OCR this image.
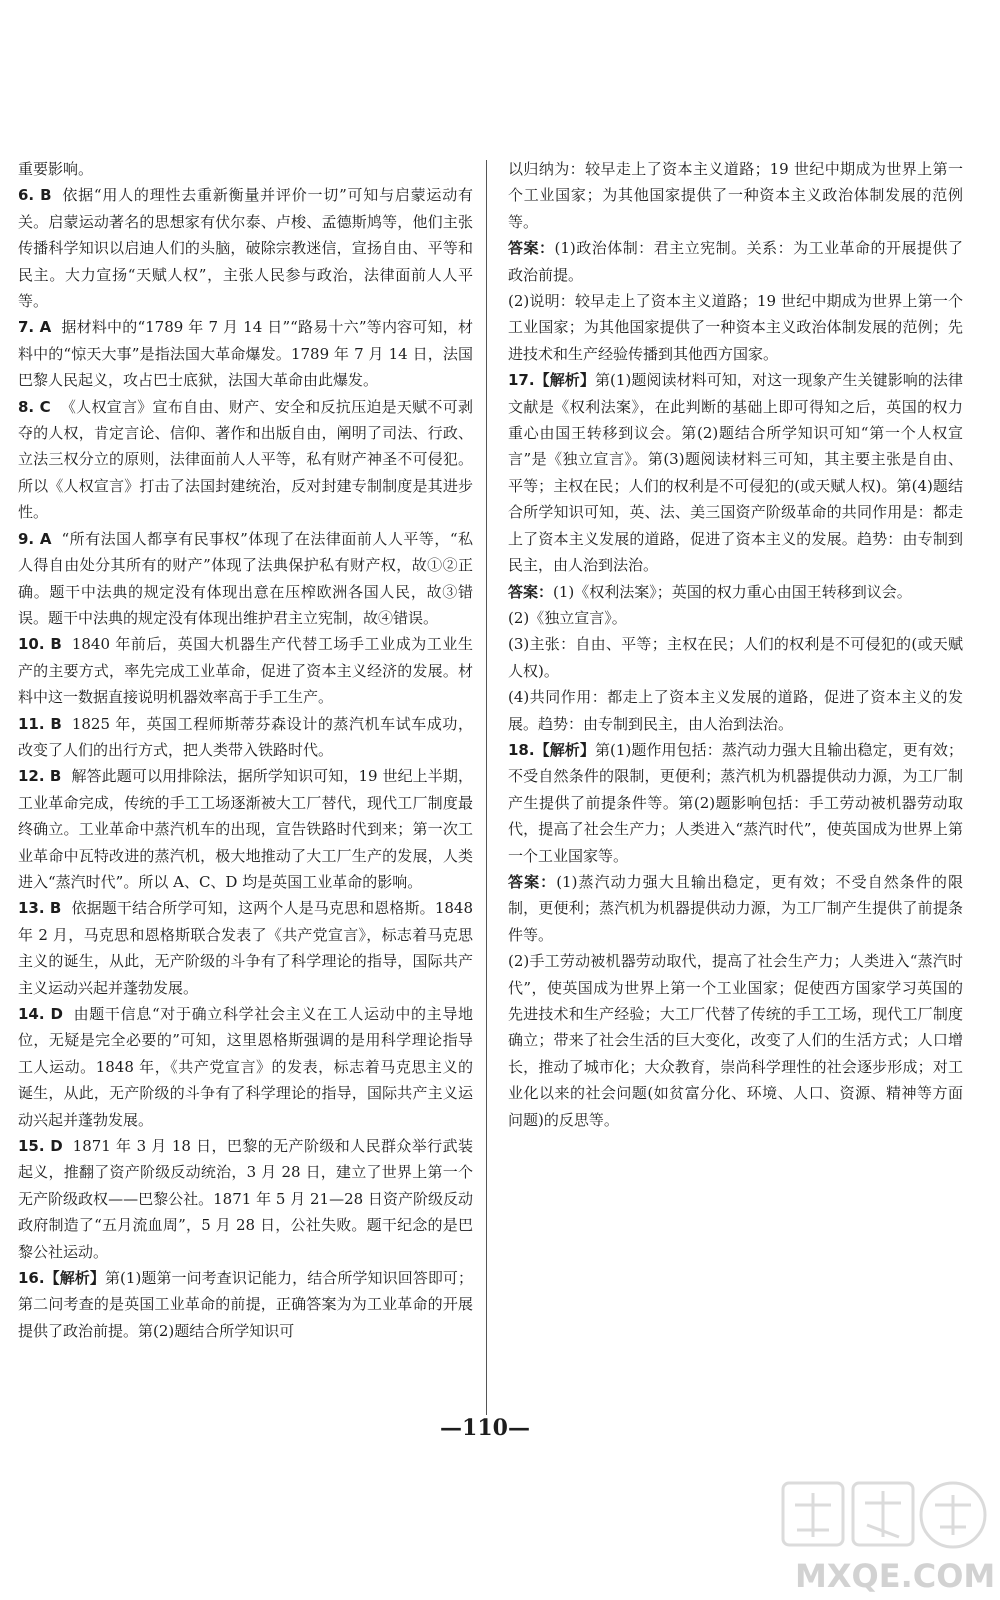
重要影响。

6. B 依据“用人的理性去重新衡量并评价一切”可知与启蒙运动有关。启蒙运动著名的思想家有伏尔泰、卢梭、孟德斯鸠等，他们主张传播科学知识以启迪人们的头脑，破除宗教迷信，宣扬自由、平等和民主。大力宣扬“天赋人权”，主张人民参与政治，法律面前人人平等。

7. A 据材料中的“1789 年 7 月 14 日”“路易十六”等内容可知，材料中的“惊天大事”是指法国大革命爆发。1789 年 7 月 14 日，法国巴黎人民起义，攻占巴士底狱，法国大革命由此爆发。

8. C 《人权宣言》宣布自由、财产、安全和反抗压迫是天赋不可剥夺的人权，肯定言论、信仰、著作和出版自由，阐明了司法、行政、立法三权分立的原则，法律面前人人平等，私有财产神圣不可侵犯。所以《人权宣言》打击了法国封建统治，反对封建专制制度是其进步性。

9. A “所有法国人都享有民事权”体现了在法律面前人人平等，“私人得自由处分其所有的财产”体现了法典保护私有财产权，故①②正确。题干中法典的规定没有体现出意在压榨欧洲各国人民，故③错误。题干中法典的规定没有体现出维护君主立宪制，故④错误。

10. B 1840 年前后，英国大机器生产代替工场手工业成为工业生产的主要方式，率先完成工业革命，促进了资本主义经济的发展。材料中这一数据直接说明机器效率高于手工生产。

11. B 1825 年，英国工程师斯蒂芬森设计的蒸汽机车试车成功，改变了人们的出行方式，把人类带入铁路时代。

12. B 解答此题可以用排除法，据所学知识可知，19 世纪上半期，工业革命完成，传统的手工工场逐渐被大工厂替代，现代工厂制度最终确立。工业革命中蒸汽机车的出现，宣告铁路时代到来；第一次工业革命中瓦特改进的蒸汽机，极大地推动了大工厂生产的发展，人类进入“蒸汽时代”。所以 A、C、D 均是英国工业革命的影响。

13. B 依据题干结合所学可知，这两个人是马克思和恩格斯。1848 年 2 月，马克思和恩格斯联合发表了《共产党宣言》，标志着马克思主义的诞生，从此，无产阶级的斗争有了科学理论的指导，国际共产主义运动兴起并蓬勃发展。

14. D 由题干信息“对于确立科学社会主义在工人运动中的主导地位，无疑是完全必要的”可知，这里恩格斯强调的是用科学理论指导工人运动。1848 年，《共产党宣言》的发表，标志着马克思主义的诞生，从此，无产阶级的斗争有了科学理论的指导，国际共产主义运动兴起并蓬勃发展。

15. D 1871 年 3 月 18 日，巴黎的无产阶级和人民群众举行武装起义，推翻了资产阶级反动统治，3 月 28 日，建立了世界上第一个无产阶级政权——巴黎公社。1871 年 5 月 21—28 日资产阶级反动政府制造了“五月流血周”，5 月 28 日，公社失败。题干纪念的是巴黎公社运动。

16.【解析】第(1)题第一问考查识记能力，结合所学知识回答即可；第二问考查的是英国工业革命的前提，正确答案为为工业革命的开展提供了政治前提。第(2)题结合所学知识可

以归纳为：较早走上了资本主义道路；19 世纪中期成为世界上第一个工业国家；为其他国家提供了一种资本主义政治体制发展的范例等。

答案：(1)政治体制：君主立宪制。关系：为工业革命的开展提供了政治前提。

(2)说明：较早走上了资本主义道路；19 世纪中期成为世界上第一个工业国家；为其他国家提供了一种资本主义政治体制发展的范例；先进技术和生产经验传播到其他西方国家。

17.【解析】第(1)题阅读材料可知，对这一现象产生关键影响的法律文献是《权利法案》，在此判断的基础上即可得知之后，英国的权力重心由国王转移到议会。第(2)题结合所学知识可知“第一个人权宣言”是《独立宣言》。第(3)题阅读材料三可知，其主要主张是自由、平等；主权在民；人们的权利是不可侵犯的(或天赋人权)。第(4)题结合所学知识可知，英、法、美三国资产阶级革命的共同作用是：都走上了资本主义发展的道路，促进了资本主义的发展。趋势：由专制到民主，由人治到法治。

答案：(1)《权利法案》；英国的权力重心由国王转移到议会。

(2)《独立宣言》。

(3)主张：自由、平等；主权在民；人们的权利是不可侵犯的(或天赋人权)。

(4)共同作用：都走上了资本主义发展的道路，促进了资本主义的发展。趋势：由专制到民主，由人治到法治。

18.【解析】第(1)题作用包括：蒸汽动力强大且输出稳定，更有效；不受自然条件的限制，更便利；蒸汽机为机器提供动力源，为工厂制产生提供了前提条件等。第(2)题影响包括：手工劳动被机器劳动取代，提高了社会生产力；人类进入“蒸汽时代”，使英国成为世界上第一个工业国家等。

答案：(1)蒸汽动力强大且输出稳定，更有效；不受自然条件的限制，更便利；蒸汽机为机器提供动力源，为工厂制产生提供了前提条件等。

(2)手工劳动被机器劳动取代，提高了社会生产力；人类进入“蒸汽时代”，使英国成为世界上第一个工业国家；促使西方国家学习英国的先进技术和生产经验；大工厂代替了传统的手工工场，现代工厂制度确立；带来了社会生活的巨大变化，改变了人们的生活方式；人口增长，推动了城市化；大众教育，崇尚科学理性的社会逐步形成；对工业化以来的社会问题(如贫富分化、环境、人口、资源、精神等方面问题)的反思等。

—110—
MXQE.COM
